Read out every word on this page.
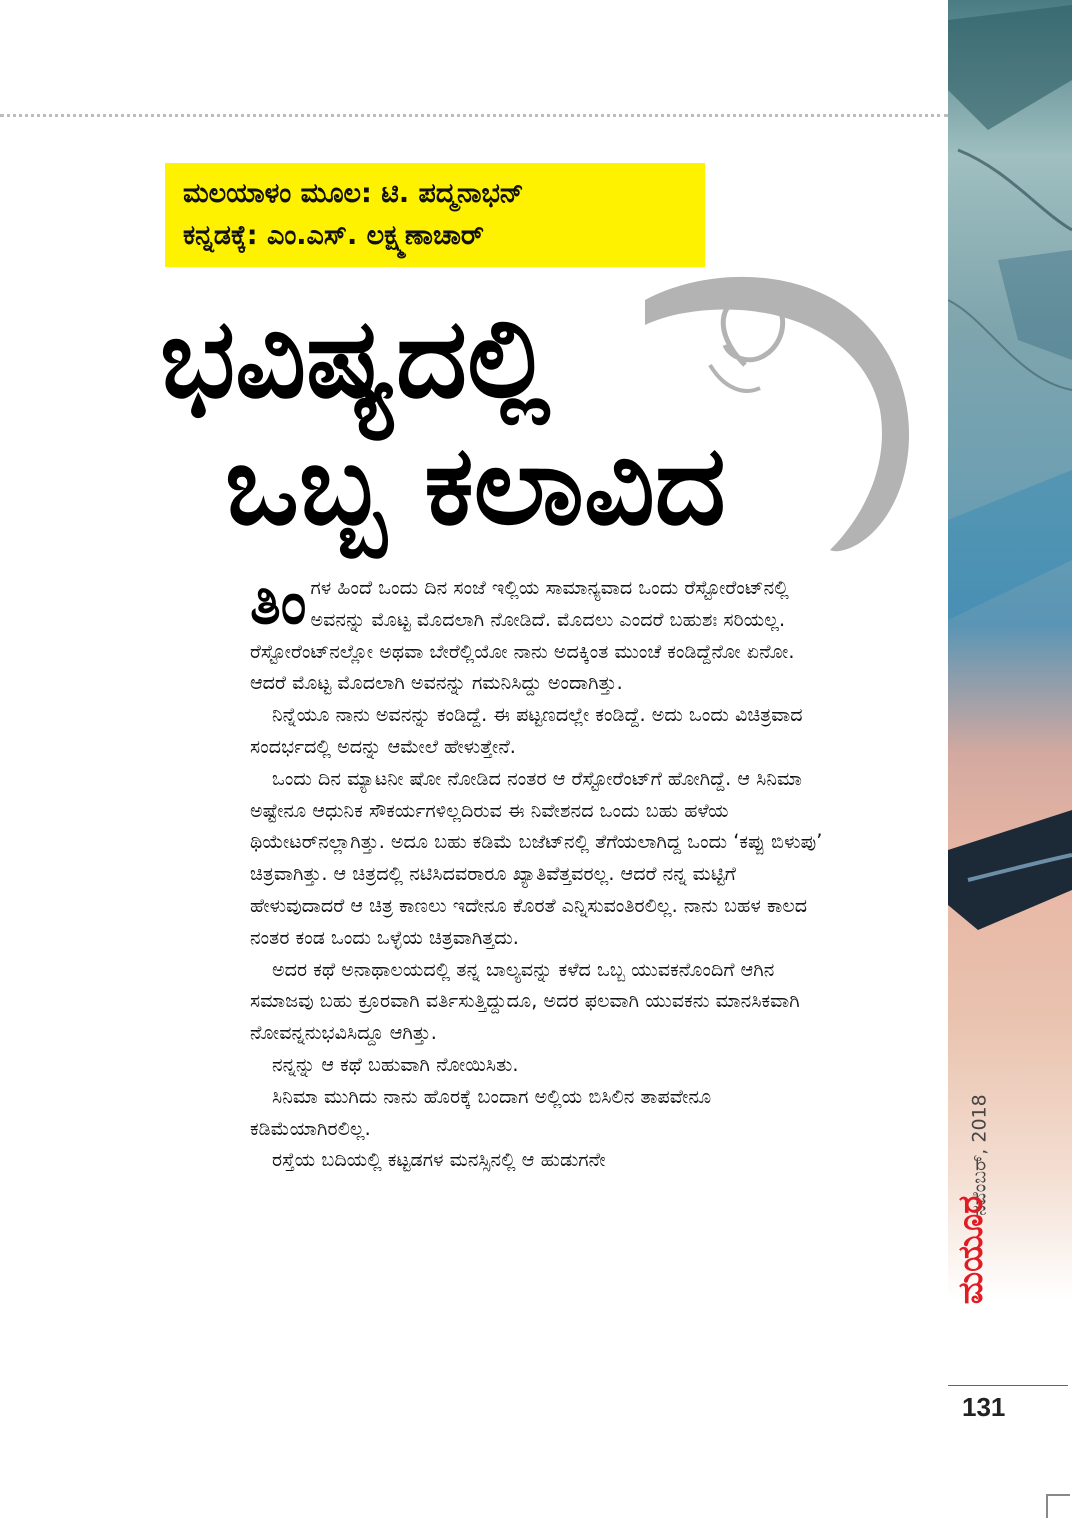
ಮಲಯಾಳಂ ಮೂಲ: ಟಿ. ಪದ್ಮನಾಭನ್
ಕನ್ನಡಕ್ಕೆ: ಎಂ.ಎಸ್. ಲಕ್ಷ್ಮಣಾಚಾರ್
ಭವಿಷ್ಯದಲ್ಲಿ
ಒಬ್ಬ ಕಲಾವಿದ

ತಿಂಗಳ ಹಿಂದೆ ಒಂದು ದಿನ ಸಂಜೆ ಇಲ್ಲಿಯ ಸಾಮಾನ್ಯವಾದ ಒಂದು ರೆಸ್ಟೋರೆಂಟ್‌ನಲ್ಲಿ ಅವನನ್ನು ಮೊಟ್ಟ ಮೊದಲಾಗಿ ನೋಡಿದೆ. ಮೊದಲು ಎಂದರೆ ಬಹುಶಃ ಸರಿಯಲ್ಲ. ರೆಸ್ಟೋರೆಂಟ್‌ನಲ್ಲೋ ಅಥವಾ ಬೇರೆಲ್ಲಿಯೋ ನಾನು ಅದಕ್ಕಿಂತ ಮುಂಚೆ ಕಂಡಿದ್ದೆನೋ ಏನೋ. ಆದರೆ ಮೊಟ್ಟ ಮೊದಲಾಗಿ ಅವನನ್ನು ಗಮನಿಸಿದ್ದು ಅಂದಾಗಿತ್ತು.

ನಿನ್ನೆಯೂ ನಾನು ಅವನನ್ನು ಕಂಡಿದ್ದೆ. ಈ ಪಟ್ಟಣದಲ್ಲೇ ಕಂಡಿದ್ದೆ. ಅದು ಒಂದು ವಿಚಿತ್ರವಾದ ಸಂದರ್ಭದಲ್ಲಿ ಅದನ್ನು ಆಮೇಲೆ ಹೇಳುತ್ತೇನೆ.

ಒಂದು ದಿನ ಮ್ಯಾಟನೀ ಷೋ ನೋಡಿದ ನಂತರ ಆ ರೆಸ್ಟೋರೆಂಟ್‌ಗೆ ಹೋಗಿದ್ದೆ. ಆ ಸಿನಿಮಾ ಅಷ್ಟೇನೂ ಆಧುನಿಕ ಸೌಕರ್ಯಗಳಿಲ್ಲದಿರುವ ಈ ನಿವೇಶನದ ಒಂದು ಬಹು ಹಳೆಯ ಥಿಯೇಟರ್‌ನಲ್ಲಾಗಿತ್ತು. ಅದೂ ಬಹು ಕಡಿಮೆ ಬಜೆಟ್‌ನಲ್ಲಿ ತೆಗೆಯಲಾಗಿದ್ದ ಒಂದು ‘ಕಪ್ಪು ಬಿಳುಪು’ ಚಿತ್ರವಾಗಿತ್ತು. ಆ ಚಿತ್ರದಲ್ಲಿ ನಟಿಸಿದವರಾರೂ ಖ್ಯಾತಿವೆತ್ತವರಲ್ಲ. ಆದರೆ ನನ್ನ ಮಟ್ಟಿಗೆ ಹೇಳುವುದಾದರೆ ಆ ಚಿತ್ರ ಕಾಣಲು ಇದೇನೂ ಕೊರತೆ ಎನ್ನಿಸುವಂತಿರಲಿಲ್ಲ. ನಾನು ಬಹಳ ಕಾಲದ ನಂತರ ಕಂಡ ಒಂದು ಒಳ್ಳೆಯ ಚಿತ್ರವಾಗಿತ್ತದು.

ಅದರ ಕಥೆ ಅನಾಥಾಲಯದಲ್ಲಿ ತನ್ನ ಬಾಲ್ಯವನ್ನು ಕಳೆದ ಒಬ್ಬ ಯುವಕನೊಂದಿಗೆ ಆಗಿನ ಸಮಾಜವು ಬಹು ಕ್ರೂರವಾಗಿ ವರ್ತಿಸುತ್ತಿದ್ದುದೂ, ಅದರ ಫಲವಾಗಿ ಯುವಕನು ಮಾನಸಿಕವಾಗಿ ನೋವನ್ನನುಭವಿಸಿದ್ದೂ ಆಗಿತ್ತು.

ನನ್ನನ್ನು ಆ ಕಥೆ ಬಹುವಾಗಿ ನೋಯಿಸಿತು.

ಸಿನಿಮಾ ಮುಗಿದು ನಾನು ಹೊರಕ್ಕೆ ಬಂದಾಗ ಅಲ್ಲಿಯ ಬಿಸಿಲಿನ ತಾಪವೇನೂ ಕಡಿಮೆಯಾಗಿರಲಿಲ್ಲ.

ರಸ್ತೆಯ ಬದಿಯಲ್ಲಿ ಕಟ್ಟಡಗಳ ಮನಸ್ಸಿನಲ್ಲಿ ಆ ಹುಡುಗನೇ	ನವೆಂಬರ್, 2018
ಮಯೂರ
131
